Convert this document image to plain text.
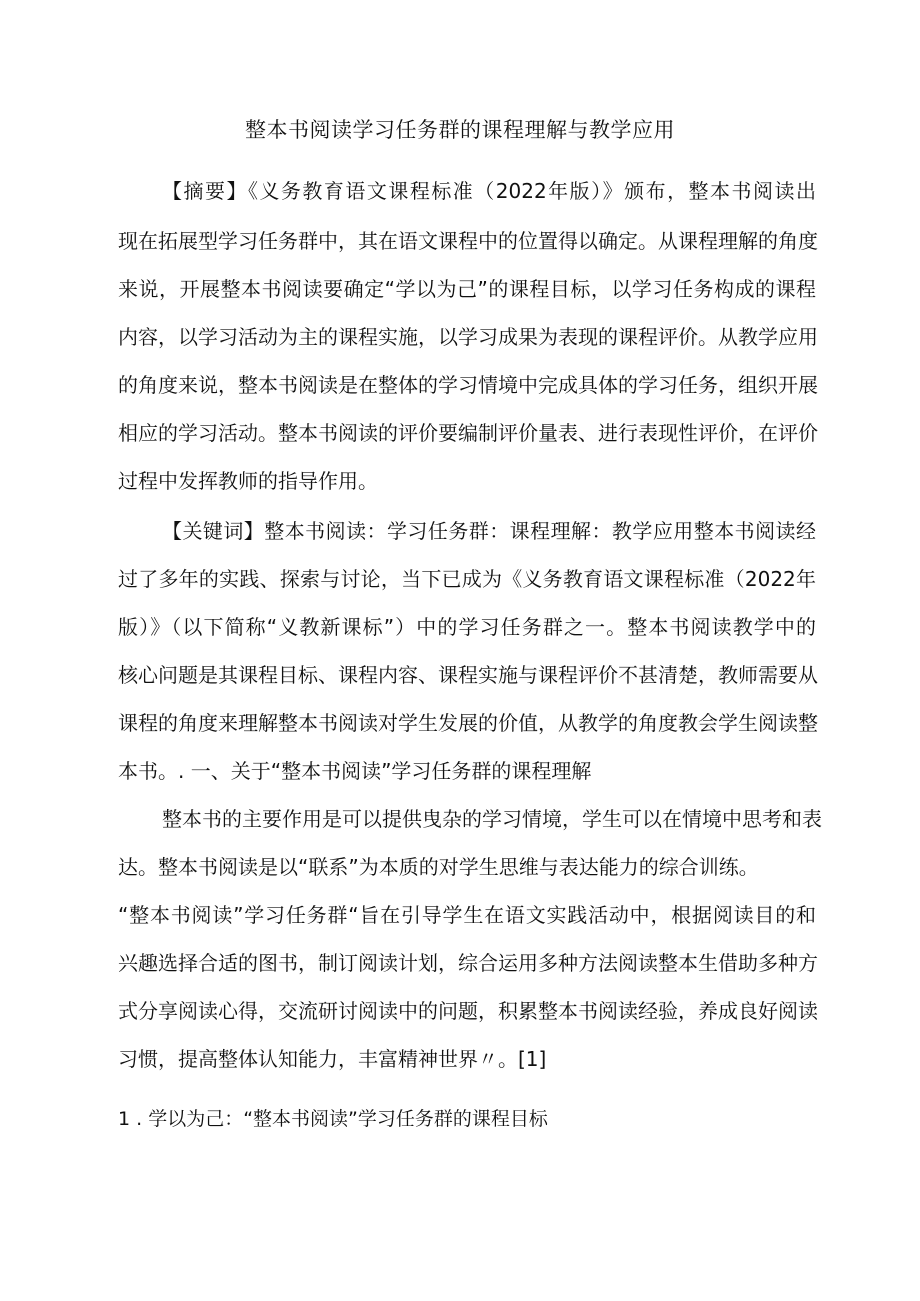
整本书阅读学习任务群的课程理解与教学应用
【摘要】《义务教育语文课程标准（2022年版）》颁布，整本书阅读出
现在拓展型学习任务群中，其在语文课程中的位置得以确定。从课程理解的角度
来说，开展整本书阅读要确定“学以为己”的课程目标，以学习任务构成的课程
内容，以学习活动为主的课程实施，以学习成果为表现的课程评价。从教学应用
的角度来说，整本书阅读是在整体的学习情境中完成具体的学习任务，组织开展
相应的学习活动。整本书阅读的评价要编制评价量表、进行表现性评价，在评价
过程中发挥教师的指导作用。
【关键词】整本书阅读：学习任务群：课程理解：教学应用整本书阅读经
过了多年的实践、探索与讨论，当下已成为《义务教育语文课程标准（2022年
版）》（以下简称“义教新课标”）中的学习任务群之一。整本书阅读教学中的
核心问题是其课程目标、课程内容、课程实施与课程评价不甚清楚，教师需要从
课程的角度来理解整本书阅读对学生发展的价值，从教学的角度教会学生阅读整
本书。. 一、关于“整本书阅读”学习任务群的课程理解
整本书的主要作用是可以提供曳杂的学习情境，学生可以在情境中思考和表
达。整本书阅读是以“联系”为本质的对学生思维与表达能力的综合训练。
“整本书阅读”学习任务群“旨在引导学生在语文实践活动中，根据阅读目的和
兴趣选择合适的图书，制订阅读计划，综合运用多种方法阅读整本生借助多种方
式分享阅读心得，交流研讨阅读中的问题，积累整本书阅读经验，养成良好阅读
习惯，提高整体认知能力，丰富精神世界〃。[1]
1 . 学以为己：“整本书阅读”学习任务群的课程目标
